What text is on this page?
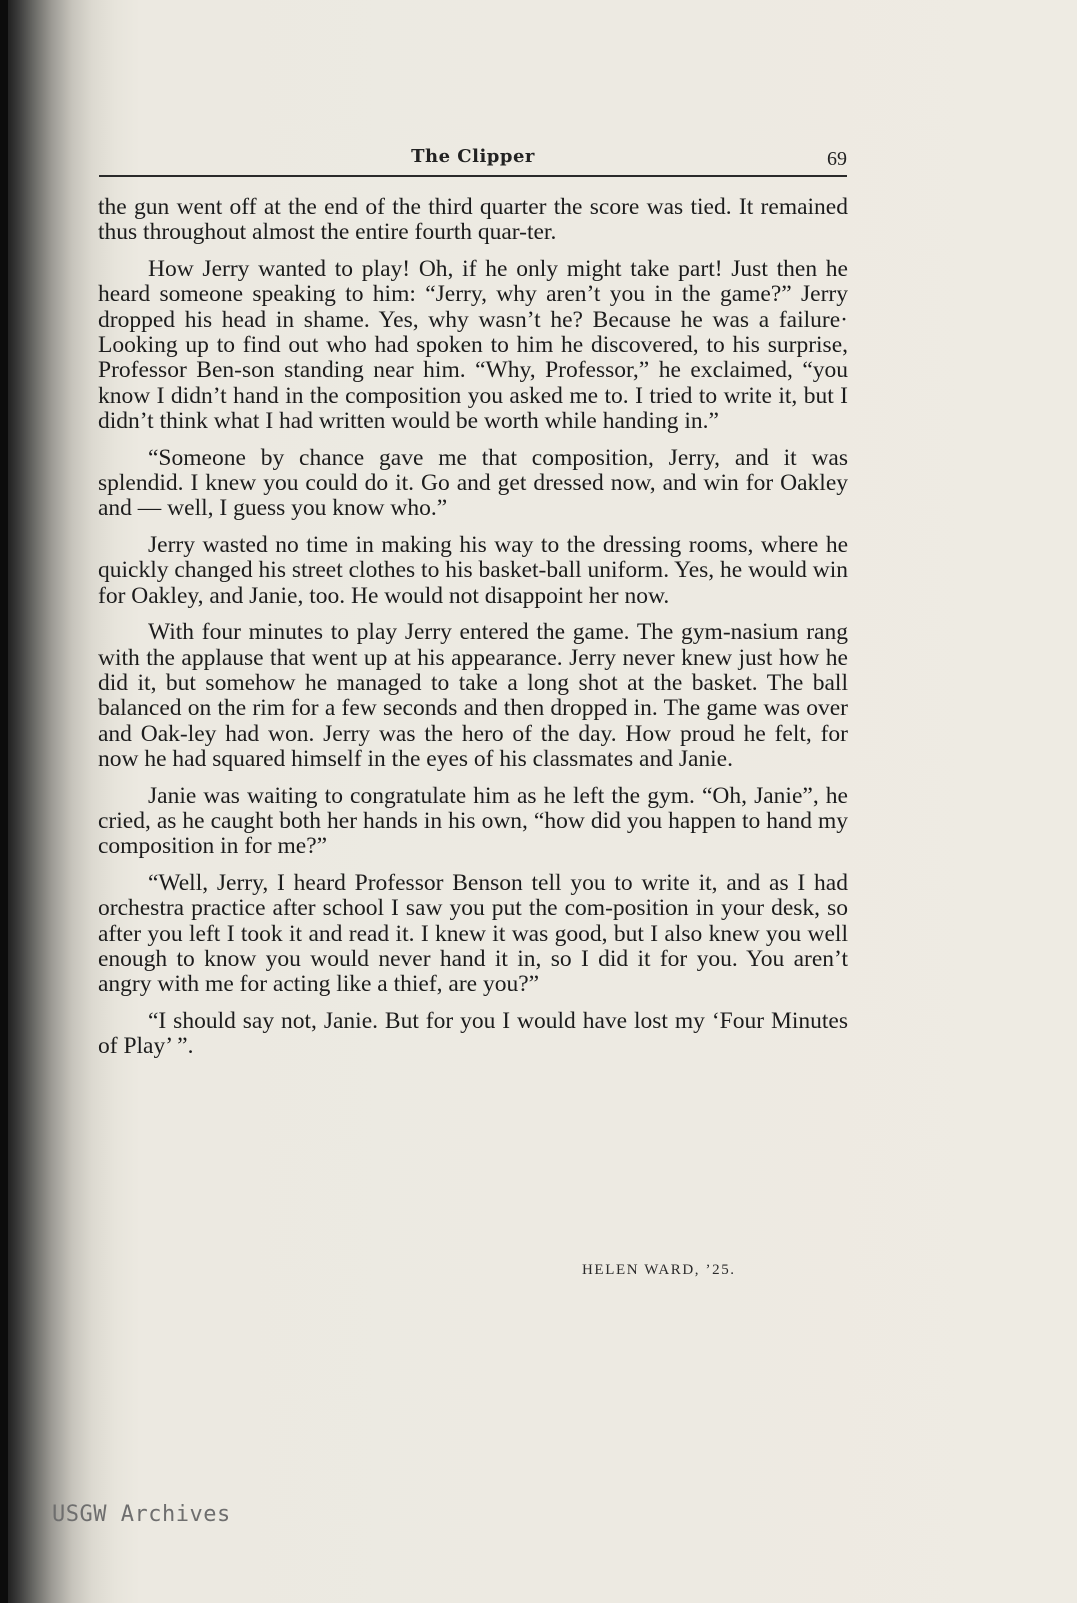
The Clipper	69

the gun went off at the end of the third quarter the score was tied. It remained thus throughout almost the entire fourth quar-ter.

How Jerry wanted to play! Oh, if he only might take part! Just then he heard someone speaking to him: “Jerry, why aren’t you in the game?” Jerry dropped his head in shame. Yes, why wasn’t he? Because he was a failure· Looking up to find out who had spoken to him he discovered, to his surprise, Professor Ben-son standing near him. “Why, Professor,” he exclaimed, “you know I didn’t hand in the composition you asked me to. I tried to write it, but I didn’t think what I had written would be worth while handing in.”

“Someone by chance gave me that composition, Jerry, and it was splendid. I knew you could do it. Go and get dressed now, and win for Oakley and — well, I guess you know who.”

Jerry wasted no time in making his way to the dressing rooms, where he quickly changed his street clothes to his basket-ball uniform. Yes, he would win for Oakley, and Janie, too. He would not disappoint her now.

With four minutes to play Jerry entered the game. The gym-nasium rang with the applause that went up at his appearance. Jerry never knew just how he did it, but somehow he managed to take a long shot at the basket. The ball balanced on the rim for a few seconds and then dropped in. The game was over and Oak-ley had won. Jerry was the hero of the day. How proud he felt, for now he had squared himself in the eyes of his classmates and Janie.

Janie was waiting to congratulate him as he left the gym. “Oh, Janie”, he cried, as he caught both her hands in his own, “how did you happen to hand my composition in for me?”

“Well, Jerry, I heard Professor Benson tell you to write it, and as I had orchestra practice after school I saw you put the com-position in your desk, so after you left I took it and read it. I knew it was good, but I also knew you well enough to know you would never hand it in, so I did it for you. You aren’t angry with me for acting like a thief, are you?”

“I should say not, Janie. But for you I would have lost my ‘Four Minutes of Play’ ”.

HELEN WARD, ’25.
USGW Archives
